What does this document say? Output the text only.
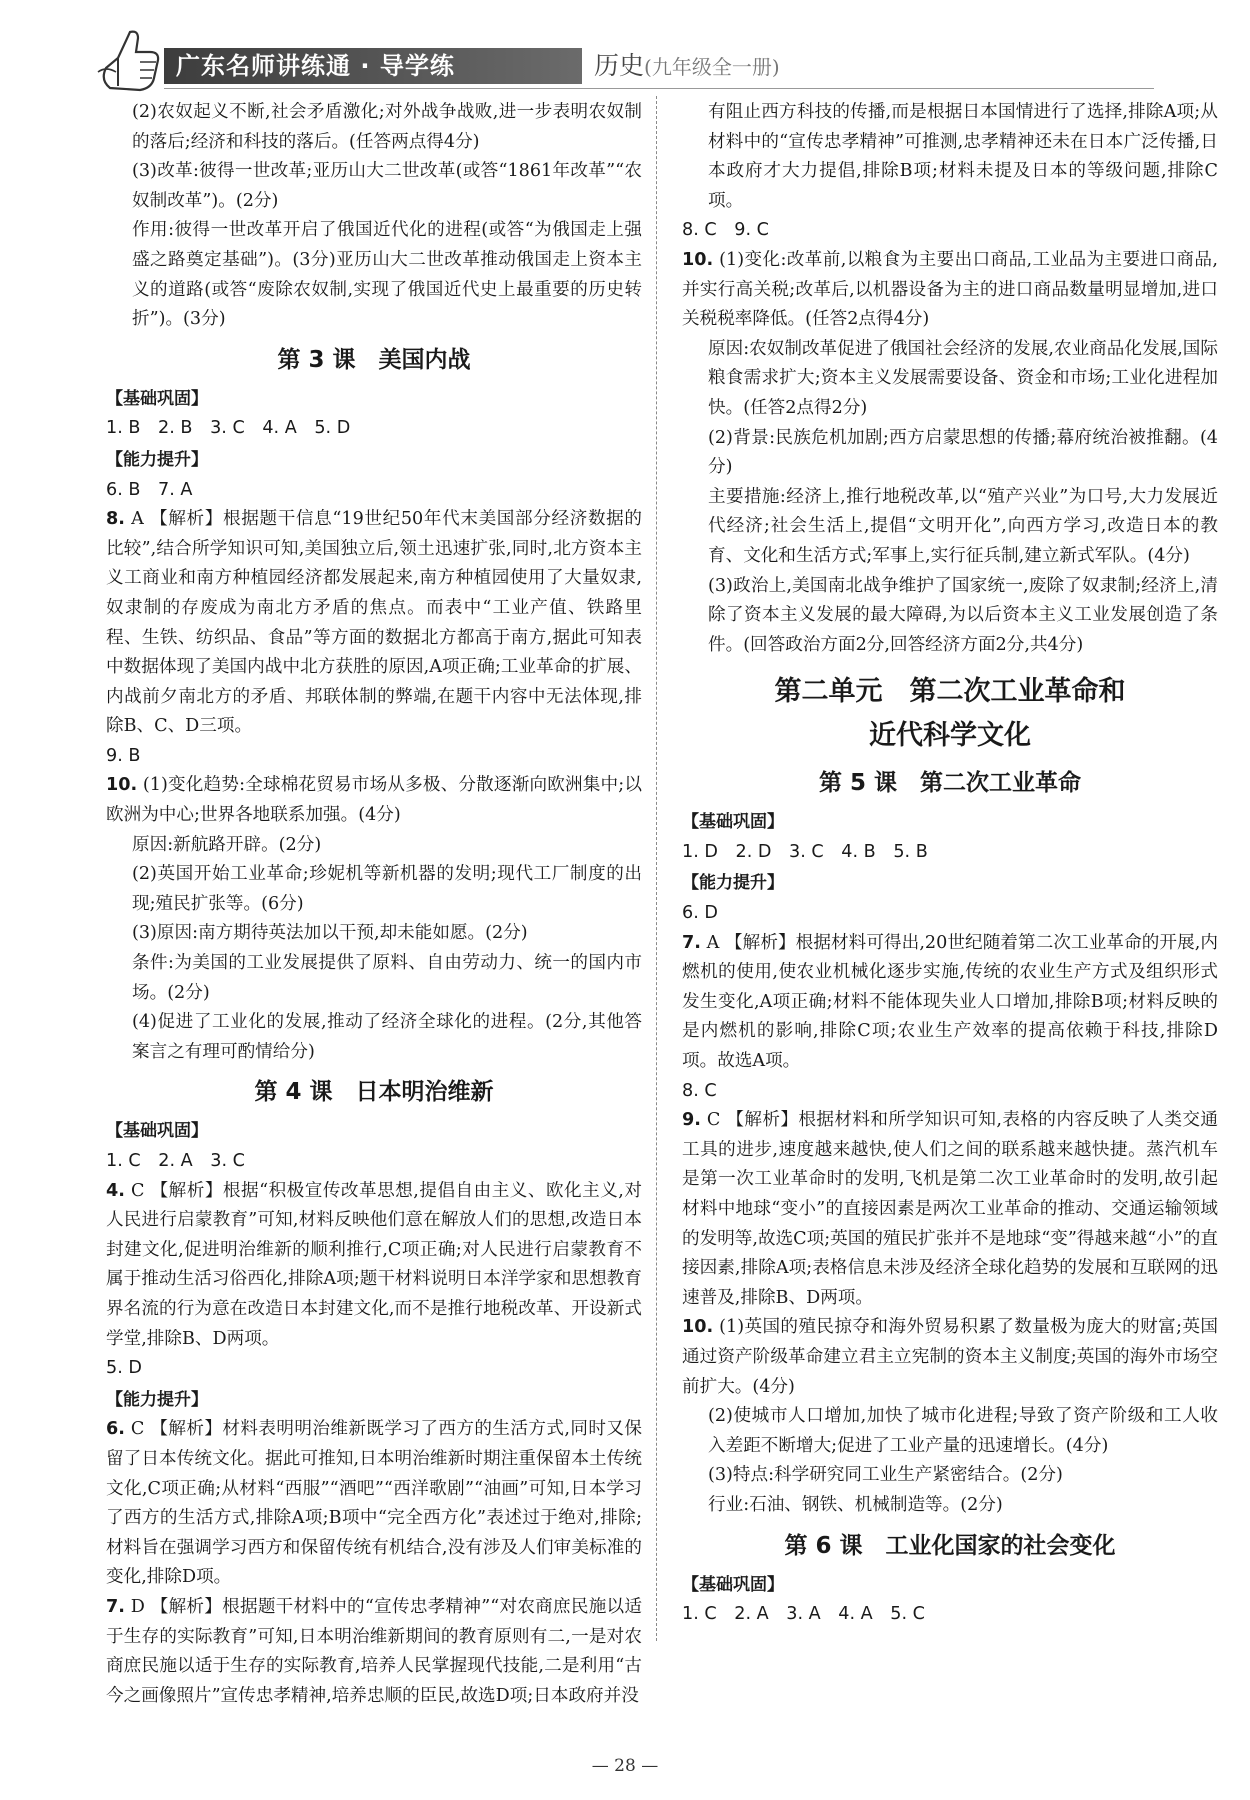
广东名师讲练通 · 导学练	历史(九年级全一册)

(2)农奴起义不断,社会矛盾激化;对外战争战败,进一步表明农奴制的落后;经济和科技的落后。(任答两点得4分)

(3)改革:彼得一世改革;亚历山大二世改革(或答“1861年改革”“农奴制改革”)。(2分)

作用:彼得一世改革开启了俄国近代化的进程(或答“为俄国走上强盛之路奠定基础”)。(3分)亚历山大二世改革推动俄国走上资本主义的道路(或答“废除农奴制,实现了俄国近代史上最重要的历史转折”)。(3分)

第 3 课　美国内战

【基础巩固】

1. B　2. B　3. C　4. A　5. D

【能力提升】

6. B　7. A

8. A 【解析】根据题干信息“19世纪50年代末美国部分经济数据的比较”,结合所学知识可知,美国独立后,领土迅速扩张,同时,北方资本主义工商业和南方种植园经济都发展起来,南方种植园使用了大量奴隶,奴隶制的存废成为南北方矛盾的焦点。而表中“工业产值、铁路里程、生铁、纺织品、食品”等方面的数据北方都高于南方,据此可知表中数据体现了美国内战中北方获胜的原因,A项正确;工业革命的扩展、内战前夕南北方的矛盾、邦联体制的弊端,在题干内容中无法体现,排除B、C、D三项。

9. B

10. (1)变化趋势:全球棉花贸易市场从多极、分散逐渐向欧洲集中;以欧洲为中心;世界各地联系加强。(4分)

原因:新航路开辟。(2分)

(2)英国开始工业革命;珍妮机等新机器的发明;现代工厂制度的出现;殖民扩张等。(6分)

(3)原因:南方期待英法加以干预,却未能如愿。(2分)

条件:为美国的工业发展提供了原料、自由劳动力、统一的国内市场。(2分)

(4)促进了工业化的发展,推动了经济全球化的进程。(2分,其他答案言之有理可酌情给分)

第 4 课　日本明治维新

【基础巩固】

1. C　2. A　3. C

4. C 【解析】根据“积极宣传改革思想,提倡自由主义、欧化主义,对人民进行启蒙教育”可知,材料反映他们意在解放人们的思想,改造日本封建文化,促进明治维新的顺利推行,C项正确;对人民进行启蒙教育不属于推动生活习俗西化,排除A项;题干材料说明日本洋学家和思想教育界名流的行为意在改造日本封建文化,而不是推行地税改革、开设新式学堂,排除B、D两项。

5. D

【能力提升】

6. C 【解析】材料表明明治维新既学习了西方的生活方式,同时又保留了日本传统文化。据此可推知,日本明治维新时期注重保留本土传统文化,C项正确;从材料“西服”“酒吧”“西洋歌剧”“油画”可知,日本学习了西方的生活方式,排除A项;B项中“完全西方化”表述过于绝对,排除;材料旨在强调学习西方和保留传统有机结合,没有涉及人们审美标准的变化,排除D项。

7. D 【解析】根据题干材料中的“宣传忠孝精神”“对农商庶民施以适于生存的实际教育”可知,日本明治维新期间的教育原则有二,一是对农商庶民施以适于生存的实际教育,培养人民掌握现代技能,二是利用“古今之画像照片”宣传忠孝精神,培养忠顺的臣民,故选D项;日本政府并没

有阻止西方科技的传播,而是根据日本国情进行了选择,排除A项;从材料中的“宣传忠孝精神”可推测,忠孝精神还未在日本广泛传播,日本政府才大力提倡,排除B项;材料未提及日本的等级问题,排除C项。

8. C　9. C

10. (1)变化:改革前,以粮食为主要出口商品,工业品为主要进口商品,并实行高关税;改革后,以机器设备为主的进口商品数量明显增加,进口关税税率降低。(任答2点得4分)

原因:农奴制改革促进了俄国社会经济的发展,农业商品化发展,国际粮食需求扩大;资本主义发展需要设备、资金和市场;工业化进程加快。(任答2点得2分)

(2)背景:民族危机加剧;西方启蒙思想的传播;幕府统治被推翻。(4分)

主要措施:经济上,推行地税改革,以“殖产兴业”为口号,大力发展近代经济;社会生活上,提倡“文明开化”,向西方学习,改造日本的教育、文化和生活方式;军事上,实行征兵制,建立新式军队。(4分)

(3)政治上,美国南北战争维护了国家统一,废除了奴隶制;经济上,清除了资本主义发展的最大障碍,为以后资本主义工业发展创造了条件。(回答政治方面2分,回答经济方面2分,共4分)

第二单元　第二次工业革命和
近代科学文化
第 5 课　第二次工业革命

【基础巩固】

1. D　2. D　3. C　4. B　5. B

【能力提升】

6. D

7. A 【解析】根据材料可得出,20世纪随着第二次工业革命的开展,内燃机的使用,使农业机械化逐步实施,传统的农业生产方式及组织形式发生变化,A项正确;材料不能体现失业人口增加,排除B项;材料反映的是内燃机的影响,排除C项;农业生产效率的提高依赖于科技,排除D项。故选A项。

8. C

9. C 【解析】根据材料和所学知识可知,表格的内容反映了人类交通工具的进步,速度越来越快,使人们之间的联系越来越快捷。蒸汽机车是第一次工业革命时的发明,飞机是第二次工业革命时的发明,故引起材料中地球“变小”的直接因素是两次工业革命的推动、交通运输领域的发明等,故选C项;英国的殖民扩张并不是地球“变”得越来越“小”的直接因素,排除A项;表格信息未涉及经济全球化趋势的发展和互联网的迅速普及,排除B、D两项。

10. (1)英国的殖民掠夺和海外贸易积累了数量极为庞大的财富;英国通过资产阶级革命建立君主立宪制的资本主义制度;英国的海外市场空前扩大。(4分)

(2)使城市人口增加,加快了城市化进程;导致了资产阶级和工人收入差距不断增大;促进了工业产量的迅速增长。(4分)

(3)特点:科学研究同工业生产紧密结合。(2分)

行业:石油、钢铁、机械制造等。(2分)

第 6 课　工业化国家的社会变化

【基础巩固】

1. C　2. A　3. A　4. A　5. C

— 28 —
